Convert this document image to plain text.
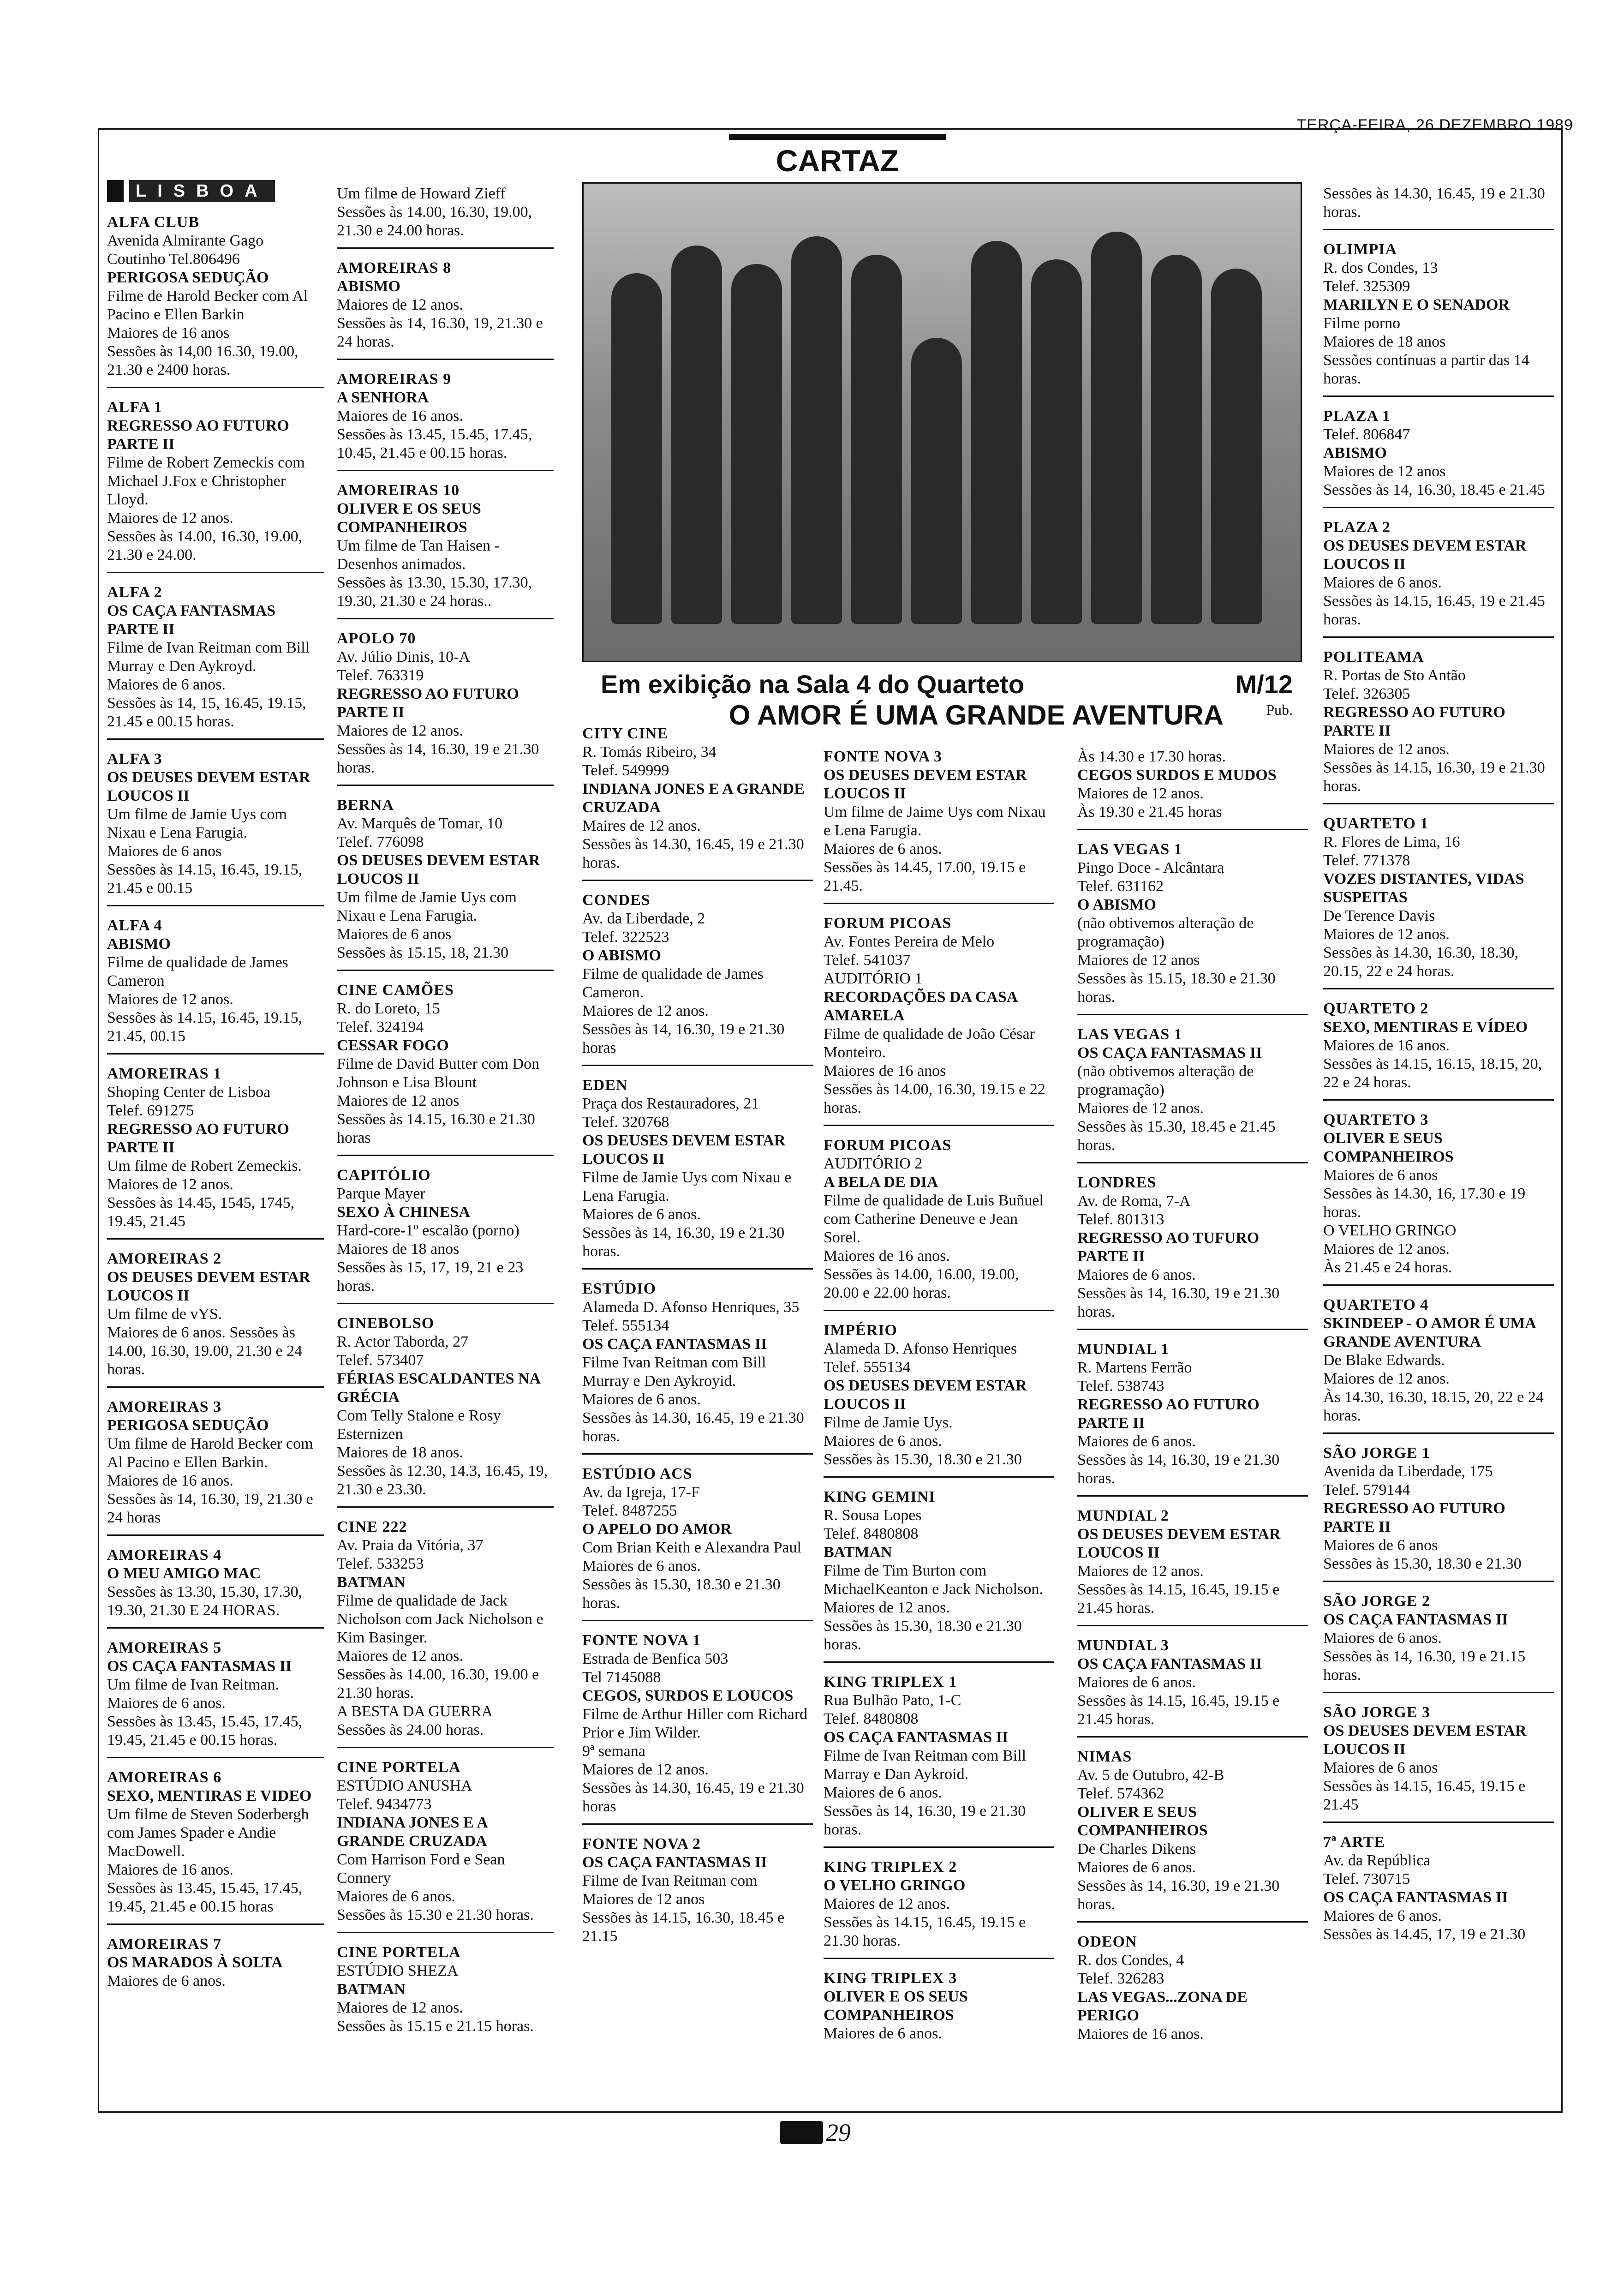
TERÇA-FEIRA, 26 DEZEMBRO 1989
CARTAZ
Em exibição na Sala 4 do Quarteto	M/12
O AMOR É UMA GRANDE AVENTURA	Pub.
LISBOA
ALFA CLUB
Avenida Almirante Gago Coutinho Tel.806496
PERIGOSA SEDUÇÃO
Filme de Harold Becker com Al Pacino e Ellen Barkin
Maiores de 16 anos
Sessões às 14,00 16.30, 19.00, 21.30 e 2400 horas.
ALFA 1
REGRESSO AO FUTURO PARTE II
Filme de Robert Zemeckis com Michael J.Fox e Christopher Lloyd.
Maiores de 12 anos.
Sessões às 14.00, 16.30, 19.00, 21.30 e 24.00.
ALFA 2
OS CAÇA FANTASMAS PARTE II
Filme de Ivan Reitman com Bill Murray e Den Aykroyd.
Maiores de 6 anos.
Sessões às 14, 15, 16.45, 19.15, 21.45 e 00.15 horas.
ALFA 3
OS DEUSES DEVEM ESTAR LOUCOS II
Um filme de Jamie Uys com Nixau e Lena Farugia.
Maiores de 6 anos
Sessões às 14.15, 16.45, 19.15, 21.45 e 00.15
ALFA 4
ABISMO
Filme de qualidade de James Cameron
Maiores de 12 anos.
Sessões às 14.15, 16.45, 19.15, 21.45, 00.15
AMOREIRAS 1
Shoping Center de Lisboa
Telef. 691275
REGRESSO AO FUTURO PARTE II
Um filme de Robert Zemeckis.
Maiores de 12 anos.
Sessões às 14.45, 1545, 1745, 19.45, 21.45
AMOREIRAS 2
OS DEUSES DEVEM ESTAR LOUCOS II
Um filme de vYS.
Maiores de 6 anos. Sessões às 14.00, 16.30, 19.00, 21.30 e 24 horas.
AMOREIRAS 3
PERIGOSA SEDUÇÃO
Um filme de Harold Becker com Al Pacino e Ellen Barkin.
Maiores de 16 anos.
Sessões às 14, 16.30, 19, 21.30 e 24 horas
AMOREIRAS 4
O MEU AMIGO MAC
Sessões às 13.30, 15.30, 17.30, 19.30, 21.30 E 24 HORAS.
AMOREIRAS 5
OS CAÇA FANTASMAS II
Um filme de Ivan Reitman.
Maiores de 6 anos.
Sessões às 13.45, 15.45, 17.45, 19.45, 21.45 e 00.15 horas.
AMOREIRAS 6
SEXO, MENTIRAS E VIDEO
Um filme de Steven Soderbergh com James Spader e Andie MacDowell.
Maiores de 16 anos.
Sessões às 13.45, 15.45, 17.45, 19.45, 21.45 e 00.15 horas
AMOREIRAS 7
OS MARADOS À SOLTA
Maiores de 6 anos.
Um filme de Howard Zieff
Sessões às 14.00, 16.30, 19.00, 21.30 e 24.00 horas.
AMOREIRAS 8
ABISMO
Maiores de 12 anos.
Sessões às 14, 16.30, 19, 21.30 e 24 horas.
AMOREIRAS 9
A SENHORA
Maiores de 16 anos.
Sessões às 13.45, 15.45, 17.45, 10.45, 21.45 e 00.15 horas.
AMOREIRAS 10
OLIVER E OS SEUS COMPANHEIROS
Um filme de Tan Haisen - Desenhos animados.
Sessões às 13.30, 15.30, 17.30, 19.30, 21.30 e 24 horas..
APOLO 70
Av. Júlio Dinis, 10-A
Telef. 763319
REGRESSO AO FUTURO PARTE II
Maiores de 12 anos.
Sessões às 14, 16.30, 19 e 21.30 horas.
BERNA
Av. Marquês de Tomar, 10
Telef. 776098
OS DEUSES DEVEM ESTAR LOUCOS II
Um filme de Jamie Uys com Nixau e Lena Farugia.
Maiores de 6 anos
Sessões às 15.15, 18, 21.30
CINE CAMÕES
R. do Loreto, 15
Telef. 324194
CESSAR FOGO
Filme de David Butter com Don Johnson e Lisa Blount
Maiores de 12 anos
Sessões às 14.15, 16.30 e 21.30 horas
CAPITÓLIO
Parque Mayer
SEXO À CHINESA
Hard-core-1º escalão (porno)
Maiores de 18 anos
Sessões às 15, 17, 19, 21 e 23 horas.
CINEBOLSO
R. Actor Taborda, 27
Telef. 573407
FÉRIAS ESCALDANTES NA GRÉCIA
Com Telly Stalone e Rosy Esternizen
Maiores de 18 anos.
Sessões às 12.30, 14.3, 16.45, 19, 21.30 e 23.30.
CINE 222
Av. Praia da Vitória, 37
Telef. 533253
BATMAN
Filme de qualidade de Jack Nicholson com Jack Nicholson e Kim Basinger.
Maiores de 12 anos.
Sessões às 14.00, 16.30, 19.00 e 21.30 horas.
A BESTA DA GUERRA
Sessões às 24.00 horas.
CINE PORTELA
ESTÚDIO ANUSHA
Telef. 9434773
INDIANA JONES E A GRANDE CRUZADA
Com Harrison Ford e Sean Connery
Maiores de 6 anos.
Sessões às 15.30 e 21.30 horas.
CINE PORTELA
ESTÚDIO SHEZA
BATMAN
Maiores de 12 anos.
Sessões às 15.15 e 21.15 horas.
CITY CINE
R. Tomás Ribeiro, 34
Telef. 549999
INDIANA JONES E A GRANDE CRUZADA
Maires de 12 anos.
Sessões às 14.30, 16.45, 19 e 21.30 horas.
CONDES
Av. da Liberdade, 2
Telef. 322523
O ABISMO
Filme de qualidade de James Cameron.
Maiores de 12 anos.
Sessões às 14, 16.30, 19 e 21.30 horas
EDEN
Praça dos Restauradores, 21
Telef. 320768
OS DEUSES DEVEM ESTAR LOUCOS II
Filme de Jamie Uys com Nixau e Lena Farugia.
Maiores de 6 anos.
Sessões às 14, 16.30, 19 e 21.30 horas.
ESTÚDIO
Alameda D. Afonso Henriques, 35
Telef. 555134
OS CAÇA FANTASMAS II
Filme Ivan Reitman com Bill Murray e Den Aykroyid.
Maiores de 6 anos.
Sessões às 14.30, 16.45, 19 e 21.30 horas.
ESTÚDIO ACS
Av. da Igreja, 17-F
Telef. 8487255
O APELO DO AMOR
Com Brian Keith e Alexandra Paul
Maiores de 6 anos.
Sessões às 15.30, 18.30 e 21.30 horas.
FONTE NOVA 1
Estrada de Benfica 503
Tel 7145088
CEGOS, SURDOS E LOUCOS
Filme de Arthur Hiller com Richard Prior e Jim Wilder.
9ª semana
Maiores de 12 anos.
Sessões às 14.30, 16.45, 19 e 21.30 horas
FONTE NOVA 2
OS CAÇA FANTASMAS II
Filme de Ivan Reitman com
Maiores de 12 anos
Sessões às 14.15, 16.30, 18.45 e 21.15
FONTE NOVA 3
OS DEUSES DEVEM ESTAR LOUCOS II
Um filme de Jaime Uys com Nixau e Lena Farugia.
Maiores de 6 anos.
Sessões às 14.45, 17.00, 19.15 e 21.45.
FORUM PICOAS
Av. Fontes Pereira de Melo
Telef. 541037
AUDITÓRIO 1
RECORDAÇÕES DA CASA AMARELA
Filme de qualidade de João César Monteiro.
Maiores de 16 anos
Sessões às 14.00, 16.30, 19.15 e 22 horas.
FORUM PICOAS
AUDITÓRIO 2
A BELA DE DIA
Filme de qualidade de Luis Buñuel com Catherine Deneuve e Jean Sorel.
Maiores de 16 anos.
Sessões às 14.00, 16.00, 19.00, 20.00 e 22.00 horas.
IMPÉRIO
Alameda D. Afonso Henriques
Telef. 555134
OS DEUSES DEVEM ESTAR LOUCOS II
Filme de Jamie Uys.
Maiores de 6 anos.
Sessões às 15.30, 18.30 e 21.30
KING GEMINI
R. Sousa Lopes
Telef. 8480808
BATMAN
Filme de Tim Burton com MichaelKeanton e Jack Nicholson.
Maiores de 12 anos.
Sessões às 15.30, 18.30 e 21.30 horas.
KING TRIPLEX 1
Rua Bulhão Pato, 1-C
Telef. 8480808
OS CAÇA FANTASMAS II
Filme de Ivan Reitman com Bill Marray e Dan Aykroid.
Maiores de 6 anos.
Sessões às 14, 16.30, 19 e 21.30 horas.
KING TRIPLEX 2
O VELHO GRINGO
Maiores de 12 anos.
Sessões às 14.15, 16.45, 19.15 e 21.30 horas.
KING TRIPLEX 3
OLIVER E OS SEUS COMPANHEIROS
Maiores de 6 anos.
Às 14.30 e 17.30 horas.
CEGOS SURDOS E MUDOS
Maiores de 12 anos.
Às 19.30 e 21.45 horas
LAS VEGAS 1
Pingo Doce - Alcântara
Telef. 631162
O ABISMO
(não obtivemos alteração de programação)
Maiores de 12 anos
Sessões às 15.15, 18.30 e 21.30 horas.
LAS VEGAS 1
OS CAÇA FANTASMAS II
(não obtivemos alteração de programação)
Maiores de 12 anos.
Sessões às 15.30, 18.45 e 21.45 horas.
LONDRES
Av. de Roma, 7-A
Telef. 801313
REGRESSO AO TUFURO PARTE II
Maiores de 6 anos.
Sessões às 14, 16.30, 19 e 21.30 horas.
MUNDIAL 1
R. Martens Ferrão
Telef. 538743
REGRESSO AO FUTURO PARTE II
Maiores de 6 anos.
Sessões às 14, 16.30, 19 e 21.30 horas.
MUNDIAL 2
OS DEUSES DEVEM ESTAR LOUCOS II
Maiores de 12 anos.
Sessões às 14.15, 16.45, 19.15 e 21.45 horas.
MUNDIAL 3
OS CAÇA FANTASMAS II
Maiores de 6 anos.
Sessões às 14.15, 16.45, 19.15 e 21.45 horas.
NIMAS
Av. 5 de Outubro, 42-B
Telef. 574362
OLIVER E SEUS COMPANHEIROS
De Charles Dikens
Maiores de 6 anos.
Sessões às 14, 16.30, 19 e 21.30 horas.
ODEON
R. dos Condes, 4
Telef. 326283
LAS VEGAS...ZONA DE PERIGO
Maiores de 16 anos.
Sessões às 14.30, 16.45, 19 e 21.30 horas.
OLIMPIA
R. dos Condes, 13
Telef. 325309
MARILYN E O SENADOR
Filme porno
Maiores de 18 anos
Sessões contínuas a partir das 14 horas.
PLAZA 1
Telef. 806847
ABISMO
Maiores de 12 anos
Sessões às 14, 16.30, 18.45 e 21.45
PLAZA 2
OS DEUSES DEVEM ESTAR LOUCOS II
Maiores de 6 anos.
Sessões às 14.15, 16.45, 19 e 21.45 horas.
POLITEAMA
R. Portas de Sto Antão
Telef. 326305
REGRESSO AO FUTURO PARTE II
Maiores de 12 anos.
Sessões às 14.15, 16.30, 19 e 21.30 horas.
QUARTETO 1
R. Flores de Lima, 16
Telef. 771378
VOZES DISTANTES, VIDAS SUSPEITAS
De Terence Davis
Maiores de 12 anos.
Sessões às 14.30, 16.30, 18.30, 20.15, 22 e 24 horas.
QUARTETO 2
SEXO, MENTIRAS E VÍDEO
Maiores de 16 anos.
Sessões às 14.15, 16.15, 18.15, 20, 22 e 24 horas.
QUARTETO 3
OLIVER E SEUS COMPANHEIROS
Maiores de 6 anos
Sessões às 14.30, 16, 17.30 e 19 horas.
O VELHO GRINGO
Maiores de 12 anos.
Às 21.45 e 24 horas.
QUARTETO 4
SKINDEEP - O AMOR É UMA GRANDE AVENTURA
De Blake Edwards.
Maiores de 12 anos.
Às 14.30, 16.30, 18.15, 20, 22 e 24 horas.
SÃO JORGE 1
Avenida da Liberdade, 175
Telef. 579144
REGRESSO AO FUTURO PARTE II
Maiores de 6 anos
Sessões às 15.30, 18.30 e 21.30
SÃO JORGE 2
OS CAÇA FANTASMAS II
Maiores de 6 anos.
Sessões às 14, 16.30, 19 e 21.15 horas.
SÃO JORGE 3
OS DEUSES DEVEM ESTAR LOUCOS II
Maiores de 6 anos
Sessões às 14.15, 16.45, 19.15 e 21.45
7ª ARTE
Av. da República
Telef. 730715
OS CAÇA FANTASMAS II
Maiores de 6 anos.
Sessões às 14.45, 17, 19 e 21.30
29
